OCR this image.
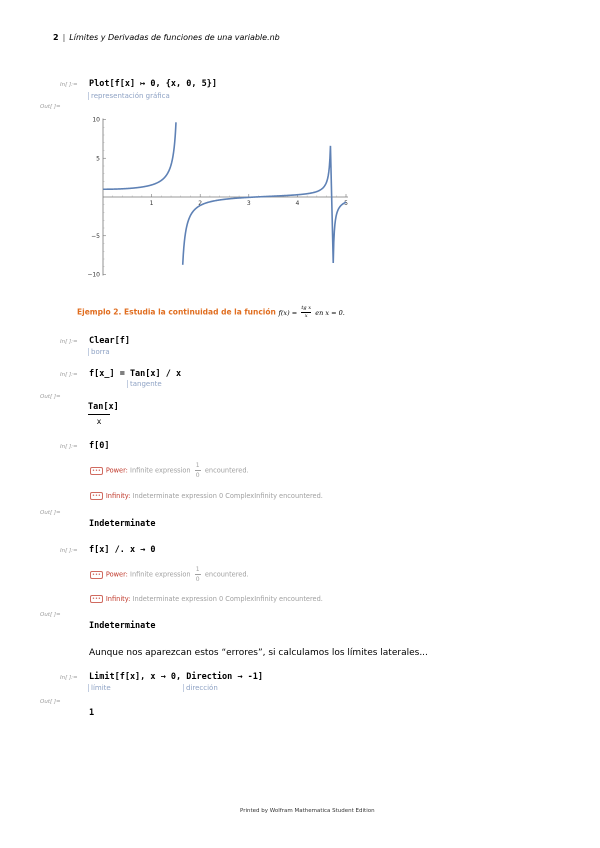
2 | Límites y Derivadas de funciones de una variable.nb
In[ ]:= Plot[f[x] ↦ 0, {x, 0, 5}]
representación gráfica
Out[ ]=
1	2	3	4	5
10
5
−5
−10
Ejemplo 2. Estudia la continuidad de la función $f(x) = \frac{\text{tg x}}{x}$ en x = 0.
In[ ]:= Clear[f]
borra
In[ ]:= f[x_] = Tan[x] / x
tangente
Out[ ]=
Tan[x]
x
In[ ]:= f[0]
••• Power: Infinite expression $\frac{1}{0}$ encountered.
••• Infinity: Indeterminate expression 0 ComplexInfinity encountered.
Out[ ]=
Indeterminate
In[ ]:= f[x] /. x → 0
••• Power: Infinite expression $\frac{1}{0}$ encountered.
••• Infinity: Indeterminate expression 0 ComplexInfinity encountered.
Out[ ]=
Indeterminate
Aunque nos aparezcan estos “errores”, si calculamos los límites laterales...
In[ ]:= Limit[f[x], x → 0, Direction → -1]
límite	dirección
Out[ ]=
1
Printed by Wolfram Mathematica Student Edition
